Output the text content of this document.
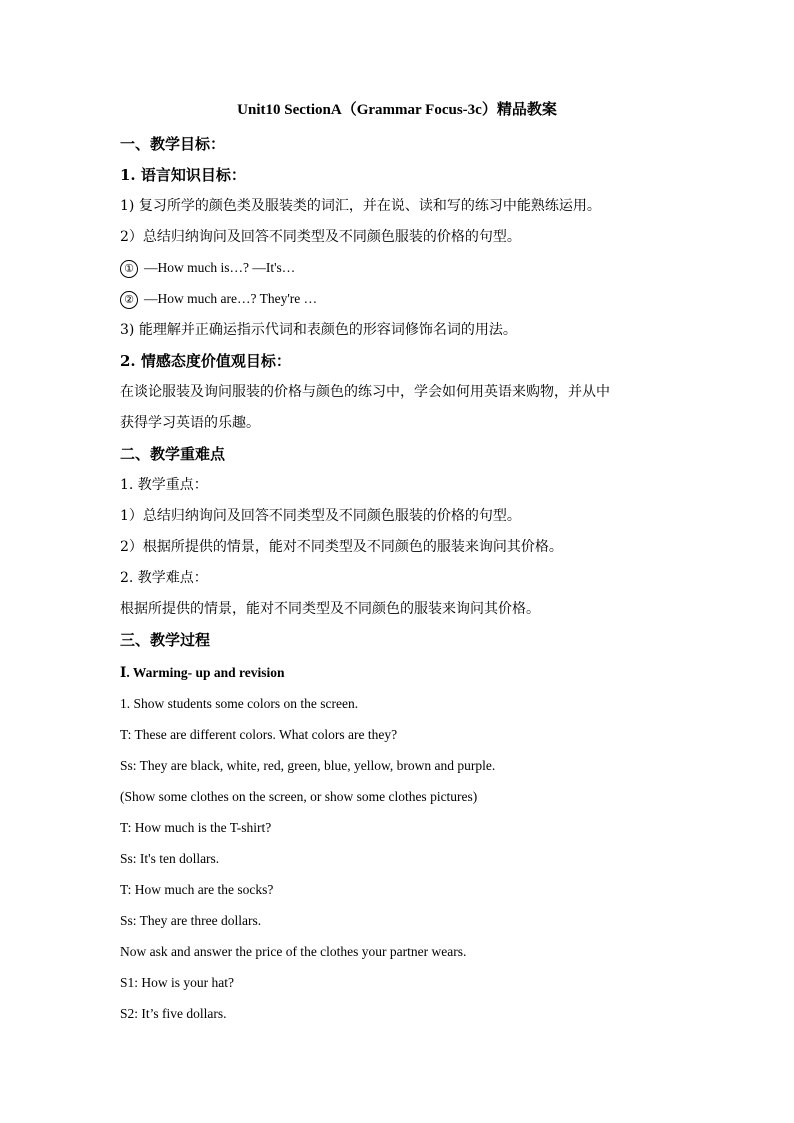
Unit10 SectionA（Grammar Focus-3c）精品教案
一、教学目标：
1. 语言知识目标：
1) 复习所学的颜色类及服装类的词汇，并在说、读和写的练习中能熟练运用。
2）总结归纳询问及回答不同类型及不同颜色服装的价格的句型。
① —How much is…? —It's…
② —How much are…? They're …
3) 能理解并正确运指示代词和表颜色的形容词修饰名词的用法。
2. 情感态度价值观目标：
在谈论服装及询问服装的价格与颜色的练习中，学会如何用英语来购物，并从中
获得学习英语的乐趣。
二、教学重难点
1. 教学重点：
1）总结归纳询问及回答不同类型及不同颜色服装的价格的句型。
2）根据所提供的情景，能对不同类型及不同颜色的服装来询问其价格。
2. 教学难点：
根据所提供的情景，能对不同类型及不同颜色的服装来询问其价格。
三、教学过程
Ⅰ. Warming- up and revision
1. Show students some colors on the screen.
T: These are different colors. What colors are they?
Ss: They are black, white, red, green, blue, yellow, brown and purple.
(Show some clothes on the screen, or show some clothes pictures)
T: How much is the T-shirt?
Ss: It's ten dollars.
T: How much are the socks?
Ss: They are three dollars.
Now ask and answer the price of the clothes your partner wears.
S1: How is your hat?
S2: It’s five dollars.
